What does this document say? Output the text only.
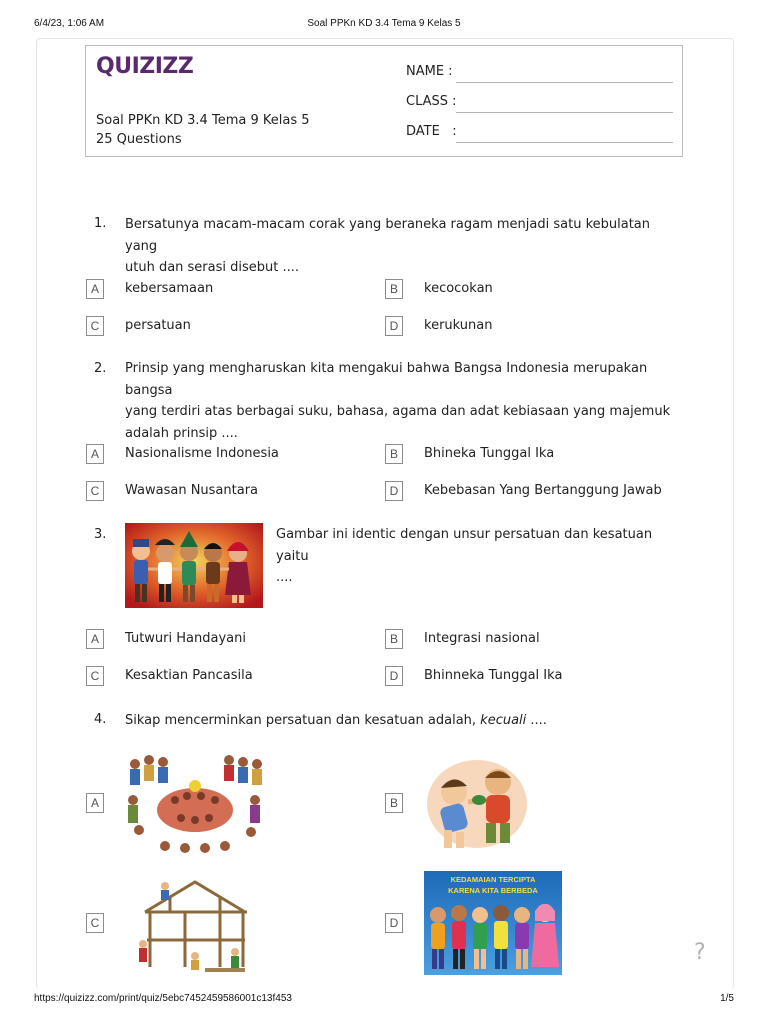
6/4/23, 1:06 AM	Soal PPKn KD 3.4 Tema 9 Kelas 5
QUIZIZZ
Soal PPKn KD 3.4 Tema 9 Kelas 5
25 Questions
NAME :
CLASS :
DATE   :
1. Bersatunya macam-macam corak yang beraneka ragam menjadi satu kebulatan yang
utuh dan serasi disebut ....
A	kebersamaan	B	kecocokan
C	persatuan	D	kerukunan
2. Prinsip yang mengharuskan kita mengakui bahwa Bangsa Indonesia merupakan bangsa
yang terdiri atas berbagai suku, bahasa, agama dan adat kebiasaan yang majemuk
adalah prinsip ....
A	Nasionalisme Indonesia	B	Bhineka Tunggal Ika
C	Wawasan Nusantara	D	Kebebasan Yang Bertanggung Jawab
3.	Gambar ini identic dengan unsur persatuan dan kesatuan yaitu
....
A	Tutwuri Handayani	B	Integrasi nasional
C	Kesaktian Pancasila	D	Bhinneka Tunggal Ika
4. Sikap mencerminkan persatuan dan kesatuan adalah, kecuali ....
A	B
C	D
KEDAMAIAN TERCIPTA
KARENA KITA BERBEDA
?
https://quizizz.com/print/quiz/5ebc7452459586001c13f453	1/5
